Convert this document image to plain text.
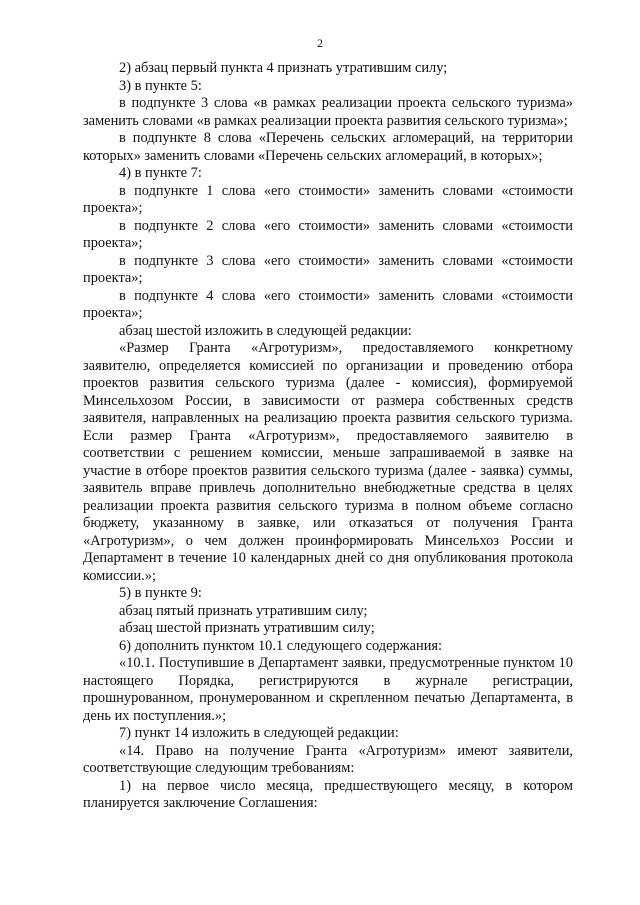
2

2) абзац первый пункта 4 признать утратившим силу;

3) в пункте 5:

в подпункте 3 слова «в рамках реализации проекта сельского туризма» заменить словами «в рамках реализации проекта развития сельского туризма»;

в подпункте 8 слова «Перечень сельских агломераций, на территории которых» заменить словами «Перечень сельских агломераций, в которых»;

4) в пункте 7:

в подпункте 1 слова «его стоимости» заменить словами «стоимости проекта»;

в подпункте 2 слова «его стоимости» заменить словами «стоимости проекта»;

в подпункте 3 слова «его стоимости» заменить словами «стоимости проекта»;

в подпункте 4 слова «его стоимости» заменить словами «стоимости проекта»;

абзац шестой изложить в следующей редакции:

«Размер Гранта «Агротуризм», предоставляемого конкретному заявителю, определяется комиссией по организации и проведению отбора проектов развития сельского туризма (далее - комиссия), формируемой Минсельхозом России, в зависимости от размера собственных средств заявителя, направленных на реализацию проекта развития сельского туризма. Если размер Гранта «Агротуризм», предоставляемого заявителю в соответствии с решением комиссии, меньше запрашиваемой в заявке на участие в отборе проектов развития сельского туризма (далее - заявка) суммы, заявитель вправе привлечь дополнительно внебюджетные средства в целях реализации проекта развития сельского туризма в полном объеме согласно бюджету, указанному в заявке, или отказаться от получения Гранта «Агротуризм», о чем должен проинформировать Минсельхоз России и Департамент в течение 10 календарных дней со дня опубликования протокола комиссии.»;

5) в пункте 9:

абзац пятый признать утратившим силу;

абзац шестой признать утратившим силу;

6) дополнить пунктом 10.1 следующего содержания:

«10.1. Поступившие в Департамент заявки, предусмотренные пунктом 10 настоящего Порядка, регистрируются в журнале регистрации, прошнурованном, пронумерованном и скрепленном печатью Департамента, в день их поступления.»;

7) пункт 14 изложить в следующей редакции:

«14. Право на получение Гранта «Агротуризм» имеют заявители, соответствующие следующим требованиям:

1) на первое число месяца, предшествующего месяцу, в котором планируется заключение Соглашения:
